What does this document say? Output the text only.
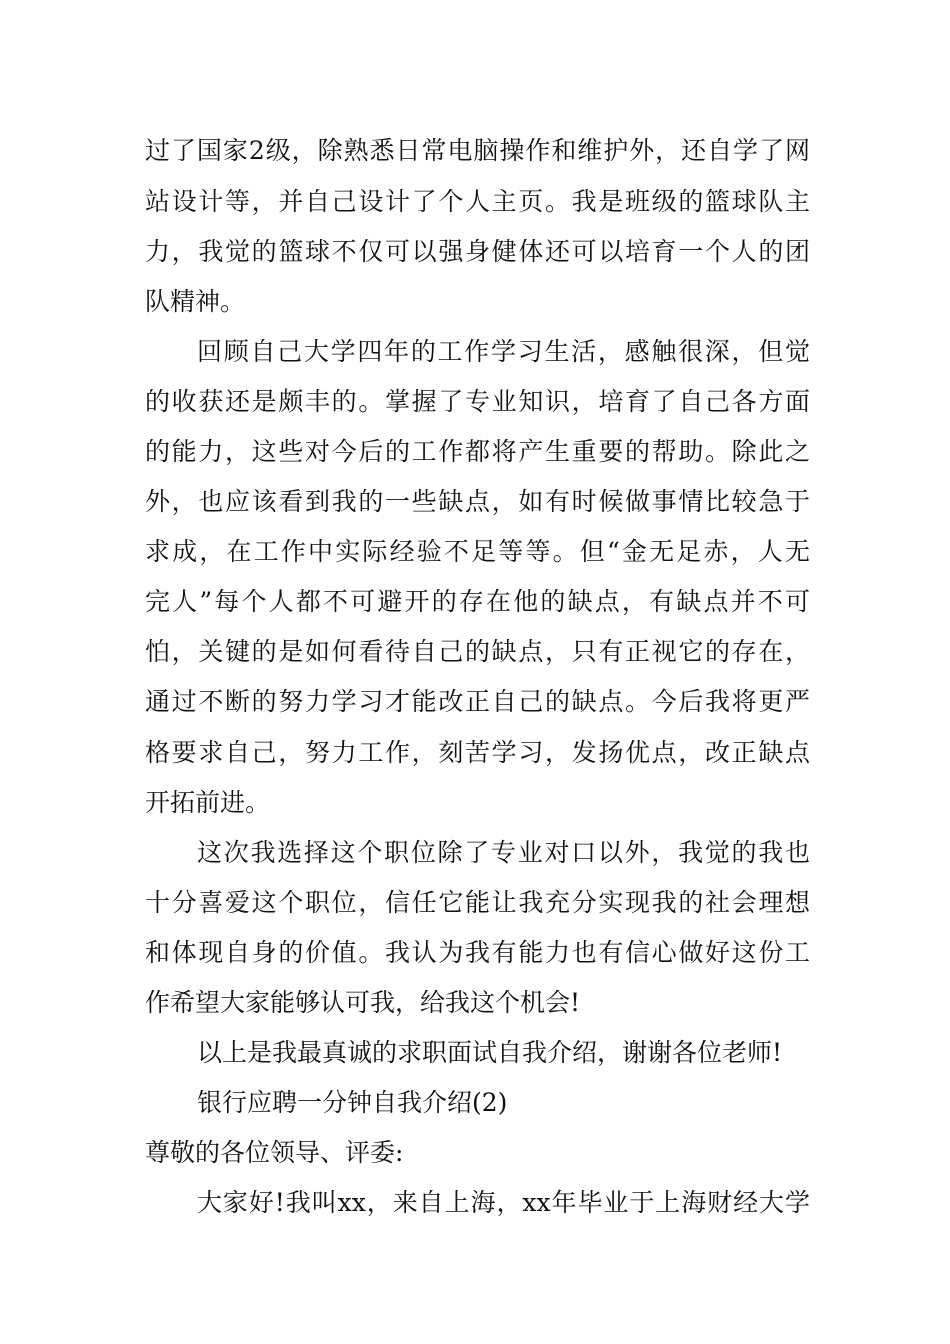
过了国家2级，除熟悉日常电脑操作和维护外，还自学了网
站设计等，并自己设计了个人主页。我是班级的篮球队主
力，我觉的篮球不仅可以强身健体还可以培育一个人的团
队精神。
回顾自己大学四年的工作学习生活，感触很深，但觉
的收获还是颇丰的。掌握了专业知识，培育了自己各方面
的能力，这些对今后的工作都将产生重要的帮助。除此之
外，也应该看到我的一些缺点，如有时候做事情比较急于
求成，在工作中实际经验不足等等。但“金无足赤，人无
完人”每个人都不可避开的存在他的缺点，有缺点并不可
怕，关键的是如何看待自己的缺点，只有正视它的存在，
通过不断的努力学习才能改正自己的缺点。今后我将更严
格要求自己，努力工作，刻苦学习，发扬优点，改正缺点
开拓前进。
这次我选择这个职位除了专业对口以外，我觉的我也
十分喜爱这个职位，信任它能让我充分实现我的社会理想
和体现自身的价值。我认为我有能力也有信心做好这份工
作希望大家能够认可我，给我这个机会!
以上是我最真诚的求职面试自我介绍，谢谢各位老师!
银行应聘一分钟自我介绍(2)
尊敬的各位领导、评委:
大家好!我叫xx，来自上海，xx年毕业于上海财经大学
